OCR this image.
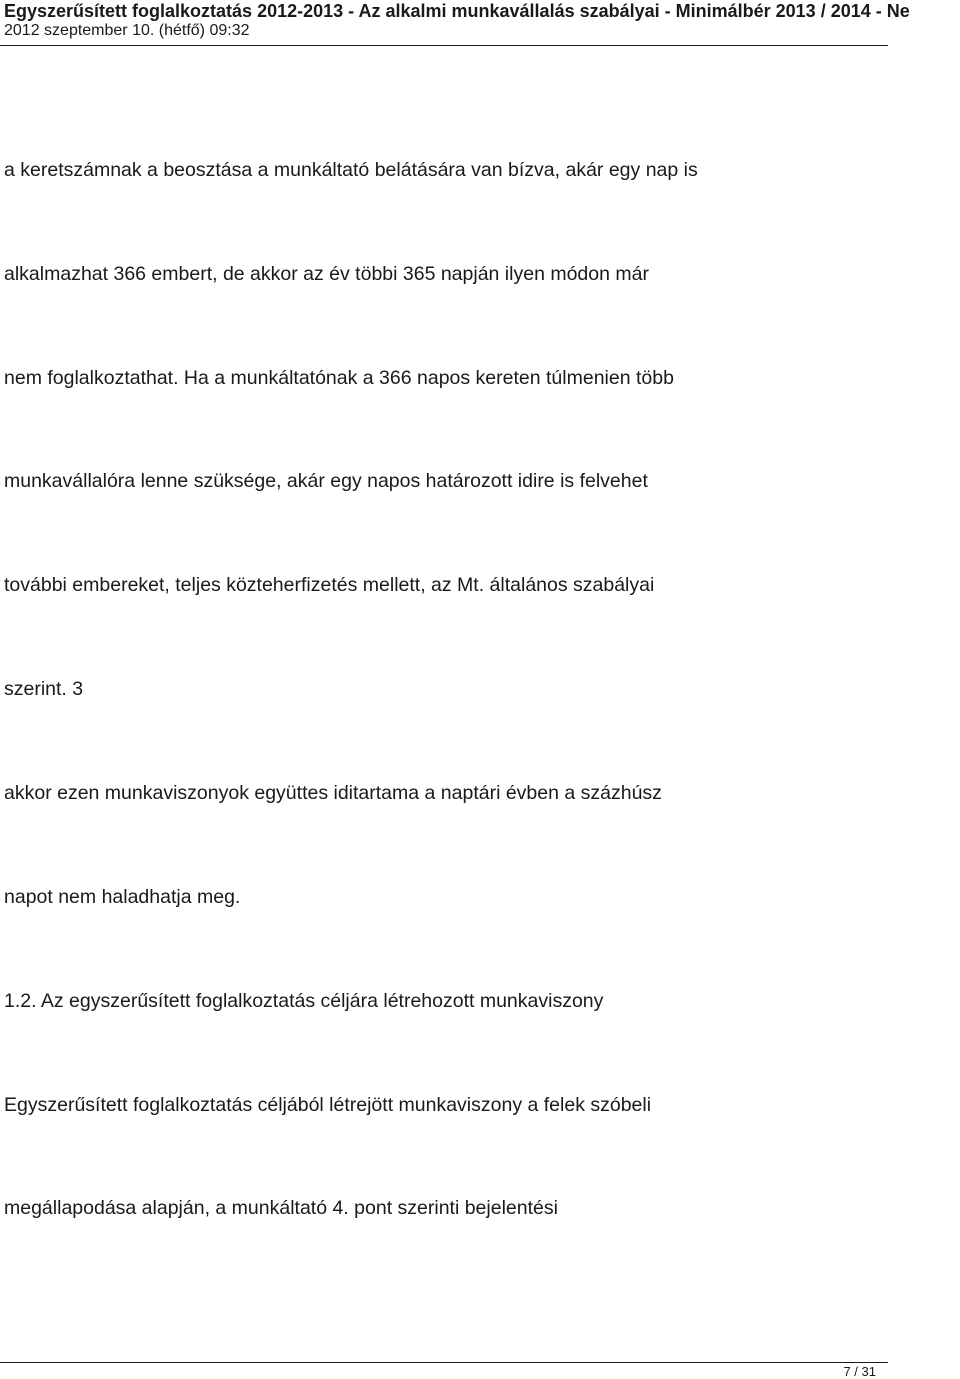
Egyszerűsített foglalkoztatás 2012-2013 - Az alkalmi munkavállalás szabályai - Minimálbér 2013 / 2014 - Ne
2012 szeptember 10. (hétfő) 09:32
a keretszámnak a beosztása a munkáltató belátására van bízva, akár egy nap is
alkalmazhat 366 embert, de akkor az év többi 365 napján ilyen módon már
nem foglalkoztathat. Ha a munkáltatónak a 366 napos kereten túlmenien több
munkavállalóra lenne szüksége, akár egy napos határozott idire is felvehet
további embereket, teljes közteherfizetés mellett, az Mt. általános szabályai
szerint. 3
akkor ezen munkaviszonyok együttes iditartama a naptári évben a százhúsz
napot nem haladhatja meg.
1.2. Az egyszerűsített foglalkoztatás céljára létrehozott munkaviszony
Egyszerűsített foglalkoztatás céljából létrejött munkaviszony a felek szóbeli
megállapodása alapján, a munkáltató 4. pont szerinti bejelentési
7 / 31
